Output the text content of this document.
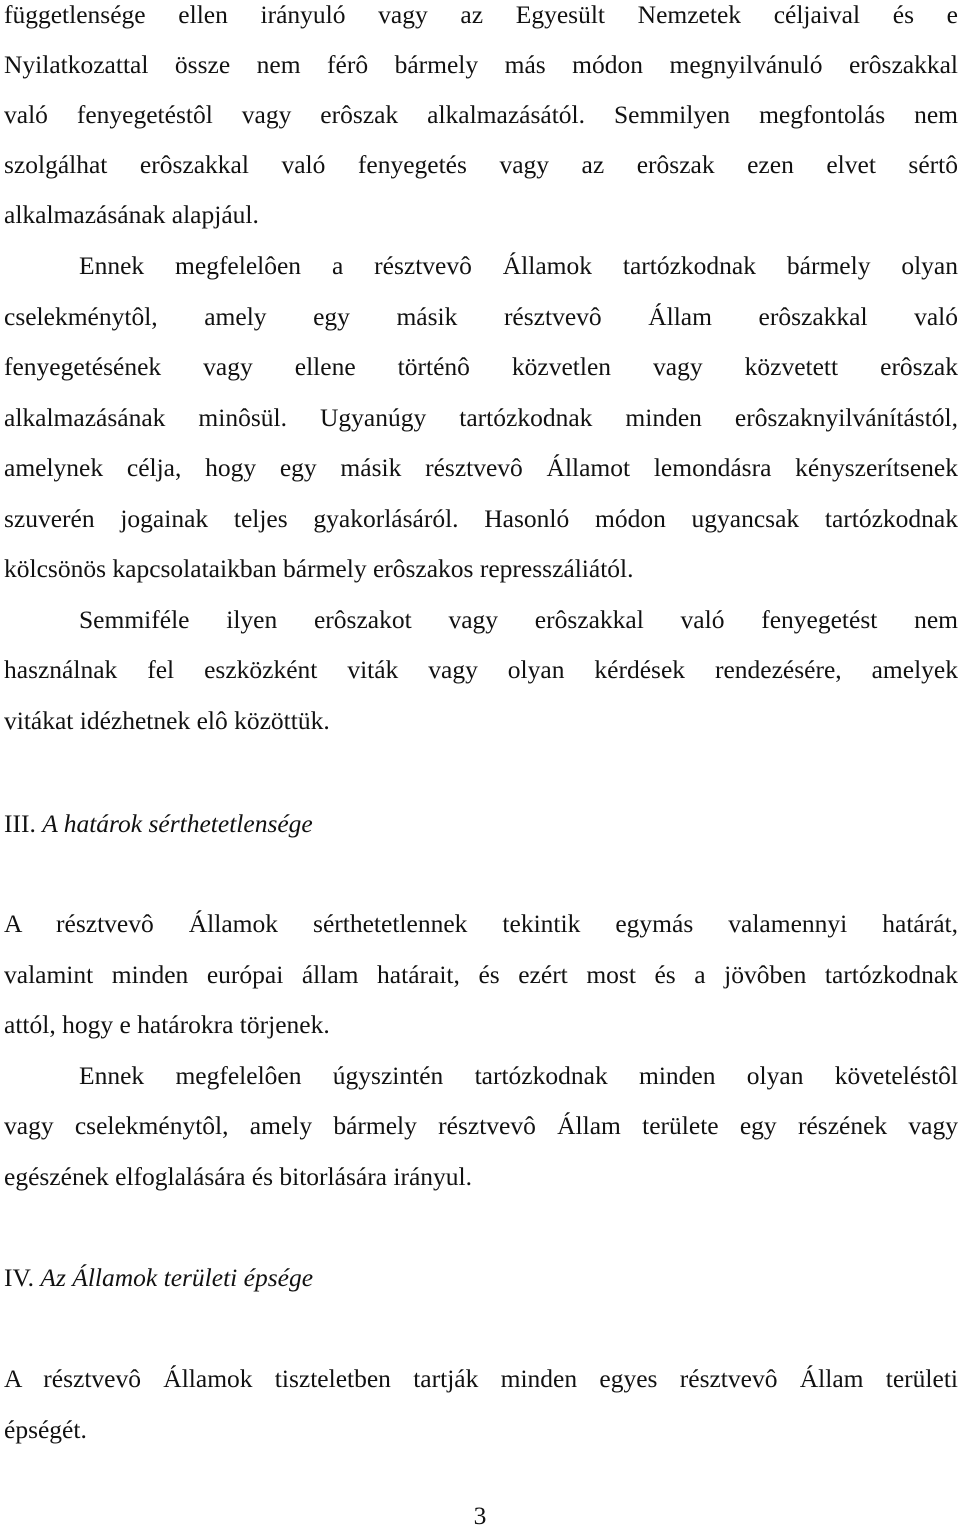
függetlensége ellen irányuló vagy az Egyesült Nemzetek céljaival és e
Nyilatkozattal össze nem férô bármely más módon megnyilvánuló erôszakkal
való fenyegetéstôl vagy erôszak alkalmazásától. Semmilyen megfontolás nem
szolgálhat erôszakkal való fenyegetés vagy az erôszak ezen elvet sértô
alkalmazásának alapjául.
Ennek megfelelôen a résztvevô Államok tartózkodnak bármely olyan
cselekménytôl, amely egy másik résztvevô Állam erôszakkal való
fenyegetésének vagy ellene történô közvetlen vagy közvetett erôszak
alkalmazásának minôsül. Ugyanúgy tartózkodnak minden erôszaknyilvánítástól,
amelynek célja, hogy egy másik résztvevô Államot lemondásra kényszerítsenek
szuverén jogainak teljes gyakorlásáról. Hasonló módon ugyancsak tartózkodnak
kölcsönös kapcsolataikban bármely erôszakos represszáliától.
Semmiféle ilyen erôszakot vagy erôszakkal való fenyegetést nem
használnak fel eszközként viták vagy olyan kérdések rendezésére, amelyek
vitákat idézhetnek elô közöttük.
III. A határok sérthetetlensége
A résztvevô Államok sérthetetlennek tekintik egymás valamennyi határát,
valamint minden európai állam határait, és ezért most és a jövôben tartózkodnak
attól, hogy e határokra törjenek.
Ennek megfelelôen úgyszintén tartózkodnak minden olyan követeléstôl
vagy cselekménytôl, amely bármely résztvevô Állam területe egy részének vagy
egészének elfoglalására és bitorlására irányul.
IV. Az Államok területi épsége
A résztvevô Államok tiszteletben tartják minden egyes résztvevô Állam területi
épségét.
3
